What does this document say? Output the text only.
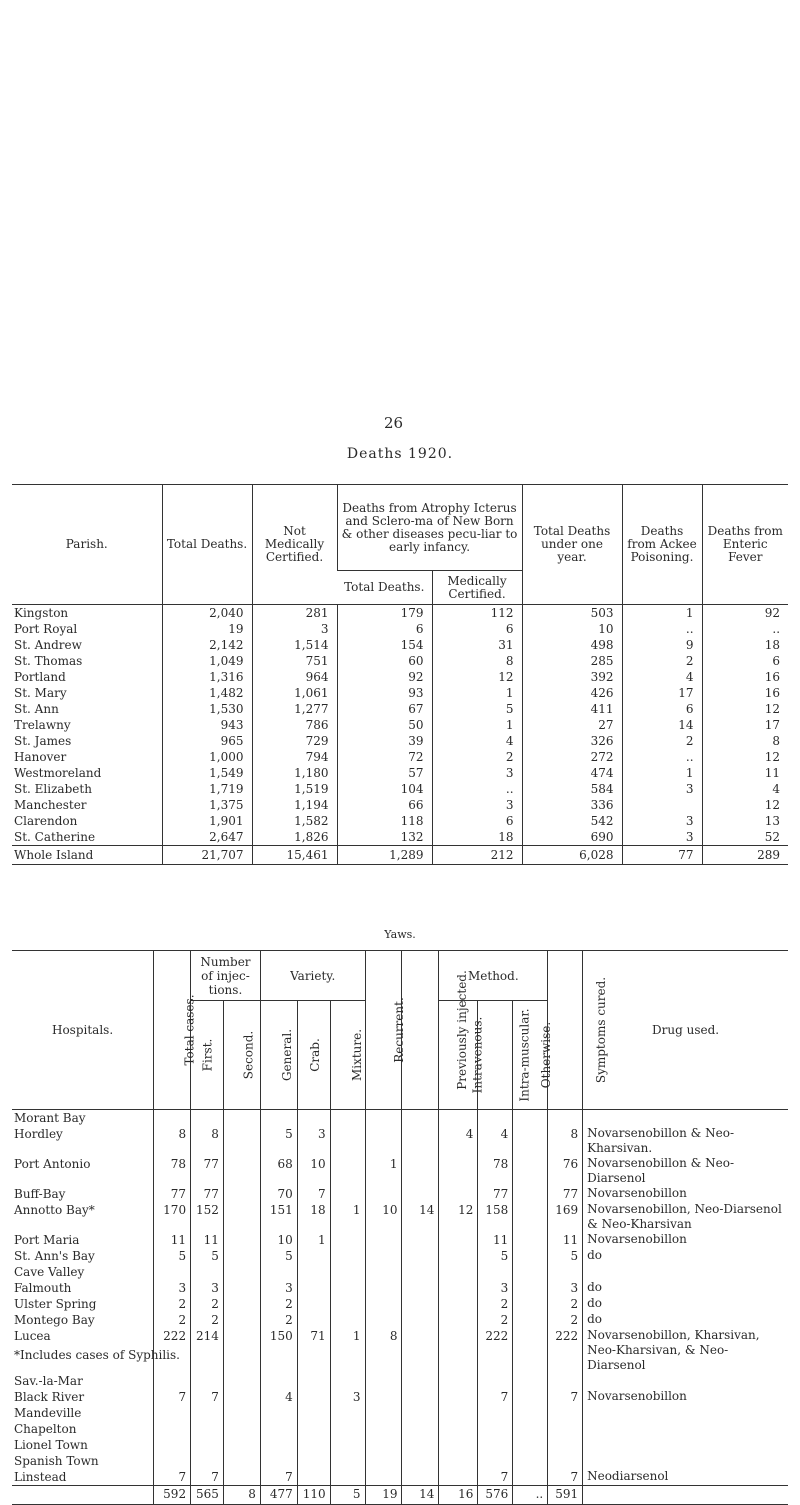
26
Deaths 1920.
Parish.	Total Deaths.	Not Medically Certified.	Deaths from Atrophy Icterus and Sclero-ma of New Born & other diseases pecu-liar to early infancy.		Total Deaths under one year.	Deaths from Ackee Poisoning.	Deaths from Enteric Fever
			Total Deaths.	Medically Certified.			
Kingston	2,040	281	179	112	503	1	92
Port Royal	19	3	6	6	10	..	..
St. Andrew	2,142	1,514	154	31	498	9	18
St. Thomas	1,049	751	60	8	285	2	6
Portland	1,316	964	92	12	392	4	16
St. Mary	1,482	1,061	93	1	426	17	16
St. Ann	1,530	1,277	67	5	411	6	12
Trelawny	943	786	50	1	27	14	17
St. James	965	729	39	4	326	2	8
Hanover	1,000	794	72	2	272	..	12
Westmoreland	1,549	1,180	57	3	474	1	11
St. Elizabeth	1,719	1,519	104	..	584	3	4
Manchester	1,375	1,194	66	3	336		12
Clarendon	1,901	1,582	118	6	542	3	13
St. Catherine	2,647	1,826	132	18	690	3	52
Whole Island	21,707	15,461	1,289	212	6,028	77	289
Yaws.
Hospitals.	Total cases.	Number of injec-tions.		Variety.			Recurrent.	Previously injected.	Method.			Symptoms cured.	Drug used.
		First.	Second.	General.	Crab.	Mixture.			Intravenous.	Intra-muscular.	Otherwise.		
Morant Bay													
Hordley	8	8		5	3				4	4		8	Novarsenobillon & Neo-Kharsivan.
Port Antonio	78	77		68	10		1			78		76	Novarsenobillon & Neo-Diarsenol
Buff-Bay	77	77		70	7					77		77	Novarsenobillon
Annotto Bay*	170	152		151	18	1	10	14	12	158		169	Novarsenobillon, Neo-Diarsenol & Neo-Kharsivan
Port Maria	11	11		10	1					11		11	Novarsenobillon
St. Ann's Bay	5	5		5						5		5	do
Cave Valley													
Falmouth	3	3		3						3		3	do
Ulster Spring	2	2		2						2		2	do
Montego Bay	2	2		2						2		2	do
Lucea	222	214		150	71	1	8			222		222	Novarsenobillon, Kharsivan, Neo-Kharsivan, & Neo-Diarsenol
Sav.-la-Mar													
Black River	7	7		4		3				7		7	Novarsenobillon
Mandeville													
Chapelton													
Lionel Town													
Spanish Town													
Linstead	7	7		7						7		7	Neodiarsenol
	592	565	8	477	110	5	19	14	16	576	..	591	
*Includes cases of Syphilis.
